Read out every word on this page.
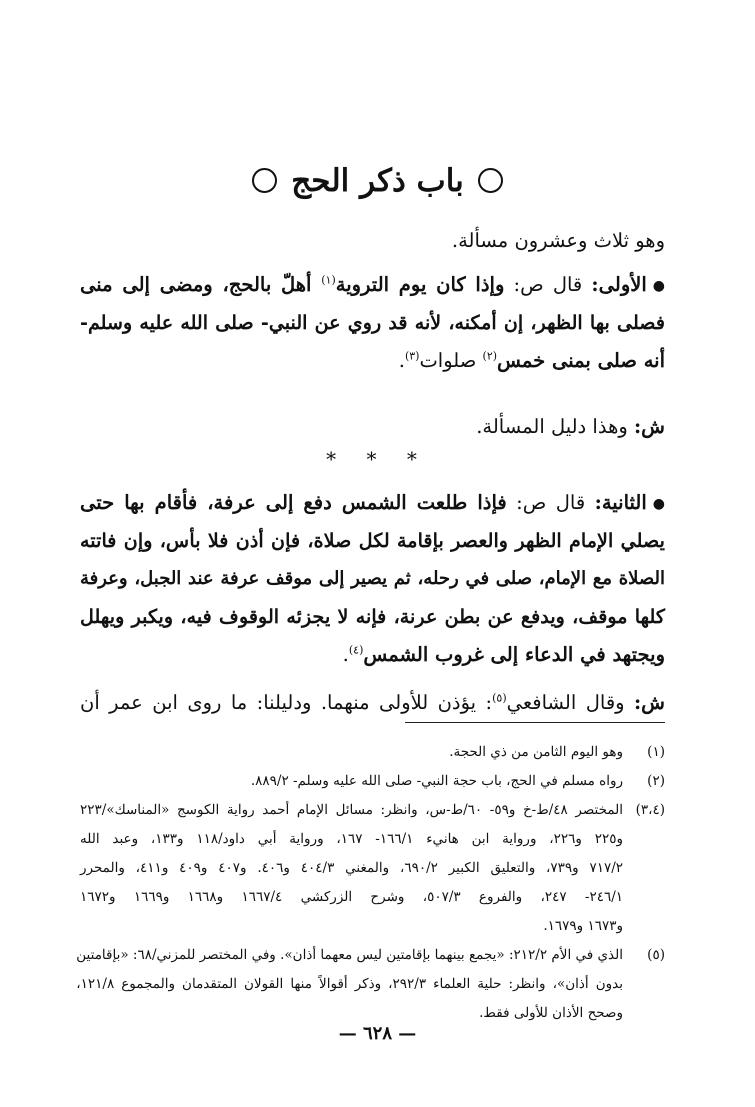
باب ذكر الحج
وهو ثلاث وعشرون مسألة.
●الأولى: قال ص: وإذا كان يوم التروية$^{(١)}$ أهلّ بالحج، ومضى إلى منى
فصلى بها الظهر، إن أمكنه، لأنه قد روي عن النبي- صلى الله عليه وسلم-
أنه صلى بمنى خمس$^{(٢)}$ صلوات$^{(٣)}$.
ش: وهذا دليل المسألة.
* * *
●الثانية: قال ص: فإذا طلعت الشمس دفع إلى عرفة، فأقام بها حتى
يصلي الإمام الظهر والعصر بإقامة لكل صلاة، فإن أذن فلا بأس، وإن فاتته
الصلاة مع الإمام، صلى في رحله، ثم يصير إلى موقف عرفة عند الجبل، وعرفة
كلها موقف، ويدفع عن بطن عرنة، فإنه لا يجزئه الوقوف فيه، ويكبر ويهلل
ويجتهد في الدعاء إلى غروب الشمس$^{(٤)}$.
ش: وقال الشافعي$^{(٥)}$: يؤذن للأولى منهما. ودليلنا: ما روى ابن عمر أن
(١)
وهو اليوم الثامن من ذي الحجة.
(٢)
رواه مسلم في الحج، باب حجة النبي- صلى الله عليه وسلم- ٨٨٩/٢.
(٣،٤)
المختصر ٤٨/ط-خ و٥٩- ٦٠/ط-س، وانظر: مسائل الإمام أحمد رواية الكوسج «المناسك»/٢٢٣
و٢٢٥ و٢٢٦، ورواية ابن هانيء ١٦٦/١- ١٦٧، ورواية أبي داود/١١٨ و١٣٣، وعبد الله
٧١٧/٢ و٧٣٩، والتعليق الكبير ٦٩٠/٢، والمغني ٤٠٤/٣ و٤٠٦. و٤٠٧ و٤٠٩ و٤١١، والمحرر
٢٤٦/١- ٢٤٧، والفروع ٥٠٧/٣، وشرح الزركشي ١٦٦٧/٤ و١٦٦٨ و١٦٦٩ و١٦٧٢
و١٦٧٣ و١٦٧٩.
(٥)
الذي في الأم ٢١٢/٢: «يجمع بينهما بإقامتين ليس معهما أذان». وفي المختصر للمزني/٦٨: «بإقامتين
بدون أذان»، وانظر: حلية العلماء ٢٩٢/٣، وذكر أقوالاً منها القولان المتقدمان والمجموع ١٢١/٨،
وصحح الأذان للأولى فقط.
— ٦٢٨ —
